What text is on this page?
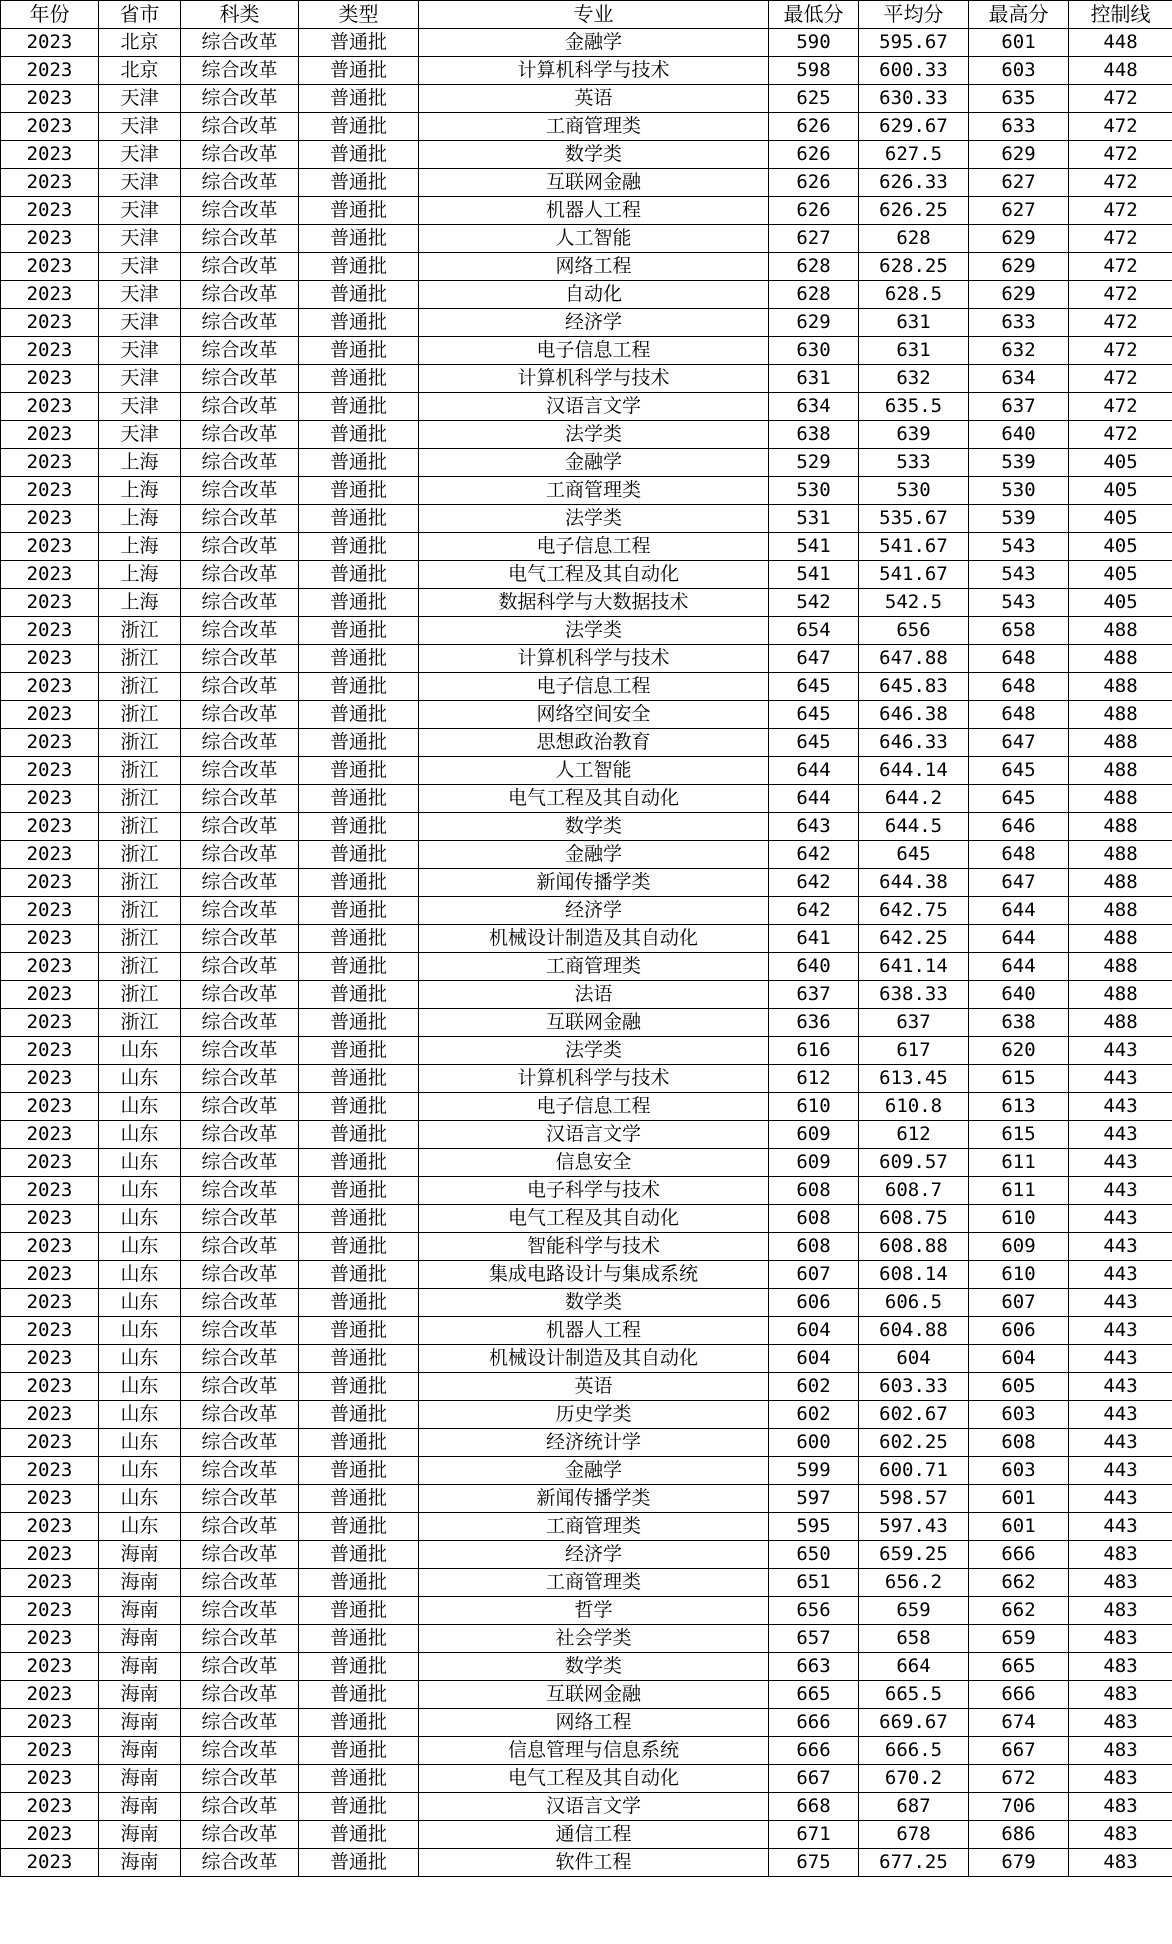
年份	省市	科类	类型	专业	最低分	平均分	最高分	控制线
2023	北京	综合改革	普通批	金融学	590	595.67	601	448
2023	北京	综合改革	普通批	计算机科学与技术	598	600.33	603	448
2023	天津	综合改革	普通批	英语	625	630.33	635	472
2023	天津	综合改革	普通批	工商管理类	626	629.67	633	472
2023	天津	综合改革	普通批	数学类	626	627.5	629	472
2023	天津	综合改革	普通批	互联网金融	626	626.33	627	472
2023	天津	综合改革	普通批	机器人工程	626	626.25	627	472
2023	天津	综合改革	普通批	人工智能	627	628	629	472
2023	天津	综合改革	普通批	网络工程	628	628.25	629	472
2023	天津	综合改革	普通批	自动化	628	628.5	629	472
2023	天津	综合改革	普通批	经济学	629	631	633	472
2023	天津	综合改革	普通批	电子信息工程	630	631	632	472
2023	天津	综合改革	普通批	计算机科学与技术	631	632	634	472
2023	天津	综合改革	普通批	汉语言文学	634	635.5	637	472
2023	天津	综合改革	普通批	法学类	638	639	640	472
2023	上海	综合改革	普通批	金融学	529	533	539	405
2023	上海	综合改革	普通批	工商管理类	530	530	530	405
2023	上海	综合改革	普通批	法学类	531	535.67	539	405
2023	上海	综合改革	普通批	电子信息工程	541	541.67	543	405
2023	上海	综合改革	普通批	电气工程及其自动化	541	541.67	543	405
2023	上海	综合改革	普通批	数据科学与大数据技术	542	542.5	543	405
2023	浙江	综合改革	普通批	法学类	654	656	658	488
2023	浙江	综合改革	普通批	计算机科学与技术	647	647.88	648	488
2023	浙江	综合改革	普通批	电子信息工程	645	645.83	648	488
2023	浙江	综合改革	普通批	网络空间安全	645	646.38	648	488
2023	浙江	综合改革	普通批	思想政治教育	645	646.33	647	488
2023	浙江	综合改革	普通批	人工智能	644	644.14	645	488
2023	浙江	综合改革	普通批	电气工程及其自动化	644	644.2	645	488
2023	浙江	综合改革	普通批	数学类	643	644.5	646	488
2023	浙江	综合改革	普通批	金融学	642	645	648	488
2023	浙江	综合改革	普通批	新闻传播学类	642	644.38	647	488
2023	浙江	综合改革	普通批	经济学	642	642.75	644	488
2023	浙江	综合改革	普通批	机械设计制造及其自动化	641	642.25	644	488
2023	浙江	综合改革	普通批	工商管理类	640	641.14	644	488
2023	浙江	综合改革	普通批	法语	637	638.33	640	488
2023	浙江	综合改革	普通批	互联网金融	636	637	638	488
2023	山东	综合改革	普通批	法学类	616	617	620	443
2023	山东	综合改革	普通批	计算机科学与技术	612	613.45	615	443
2023	山东	综合改革	普通批	电子信息工程	610	610.8	613	443
2023	山东	综合改革	普通批	汉语言文学	609	612	615	443
2023	山东	综合改革	普通批	信息安全	609	609.57	611	443
2023	山东	综合改革	普通批	电子科学与技术	608	608.7	611	443
2023	山东	综合改革	普通批	电气工程及其自动化	608	608.75	610	443
2023	山东	综合改革	普通批	智能科学与技术	608	608.88	609	443
2023	山东	综合改革	普通批	集成电路设计与集成系统	607	608.14	610	443
2023	山东	综合改革	普通批	数学类	606	606.5	607	443
2023	山东	综合改革	普通批	机器人工程	604	604.88	606	443
2023	山东	综合改革	普通批	机械设计制造及其自动化	604	604	604	443
2023	山东	综合改革	普通批	英语	602	603.33	605	443
2023	山东	综合改革	普通批	历史学类	602	602.67	603	443
2023	山东	综合改革	普通批	经济统计学	600	602.25	608	443
2023	山东	综合改革	普通批	金融学	599	600.71	603	443
2023	山东	综合改革	普通批	新闻传播学类	597	598.57	601	443
2023	山东	综合改革	普通批	工商管理类	595	597.43	601	443
2023	海南	综合改革	普通批	经济学	650	659.25	666	483
2023	海南	综合改革	普通批	工商管理类	651	656.2	662	483
2023	海南	综合改革	普通批	哲学	656	659	662	483
2023	海南	综合改革	普通批	社会学类	657	658	659	483
2023	海南	综合改革	普通批	数学类	663	664	665	483
2023	海南	综合改革	普通批	互联网金融	665	665.5	666	483
2023	海南	综合改革	普通批	网络工程	666	669.67	674	483
2023	海南	综合改革	普通批	信息管理与信息系统	666	666.5	667	483
2023	海南	综合改革	普通批	电气工程及其自动化	667	670.2	672	483
2023	海南	综合改革	普通批	汉语言文学	668	687	706	483
2023	海南	综合改革	普通批	通信工程	671	678	686	483
2023	海南	综合改革	普通批	软件工程	675	677.25	679	483
